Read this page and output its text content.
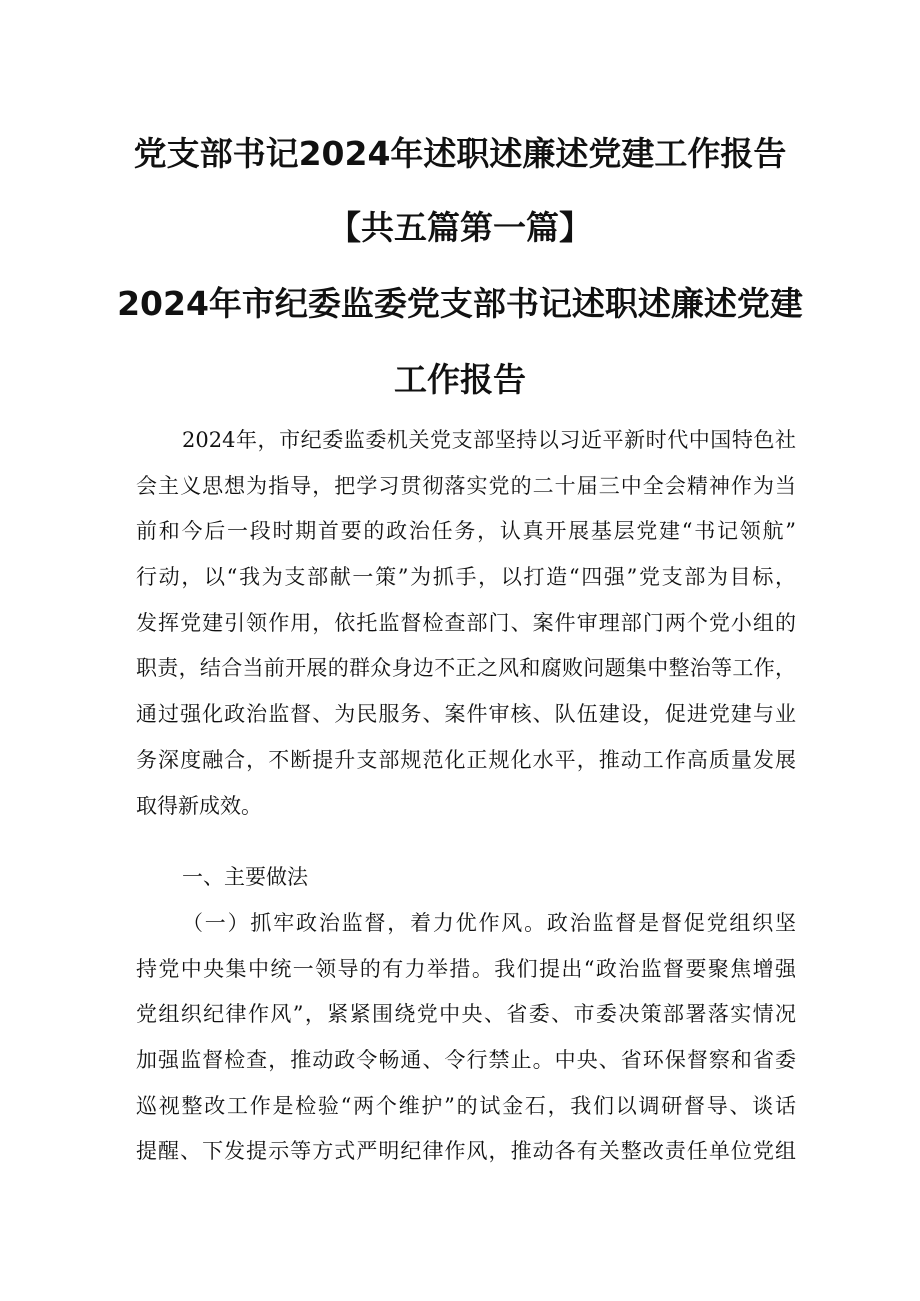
党支部书记2024年述职述廉述党建工作报告
【共五篇第一篇】
2024年市纪委监委党支部书记述职述廉述党建
工作报告
2024年，市纪委监委机关党支部坚持以习近平新时代中国特色社
会主义思想为指导，把学习贯彻落实党的二十届三中全会精神作为当
前和今后一段时期首要的政治任务，认真开展基层党建“书记领航”
行动，以“我为支部献一策”为抓手，以打造“四强”党支部为目标，
发挥党建引领作用，依托监督检查部门、案件审理部门两个党小组的
职责，结合当前开展的群众身边不正之风和腐败问题集中整治等工作，
通过强化政治监督、为民服务、案件审核、队伍建设，促进党建与业
务深度融合，不断提升支部规范化正规化水平，推动工作高质量发展
取得新成效。
一、主要做法
（一）抓牢政治监督，着力优作风。政治监督是督促党组织坚
持党中央集中统一领导的有力举措。我们提出“政治监督要聚焦增强
党组织纪律作风”，紧紧围绕党中央、省委、市委决策部署落实情况
加强监督检查，推动政令畅通、令行禁止。中央、省环保督察和省委
巡视整改工作是检验“两个维护”的试金石，我们以调研督导、谈话
提醒、下发提示等方式严明纪律作风，推动各有关整改责任单位党组
